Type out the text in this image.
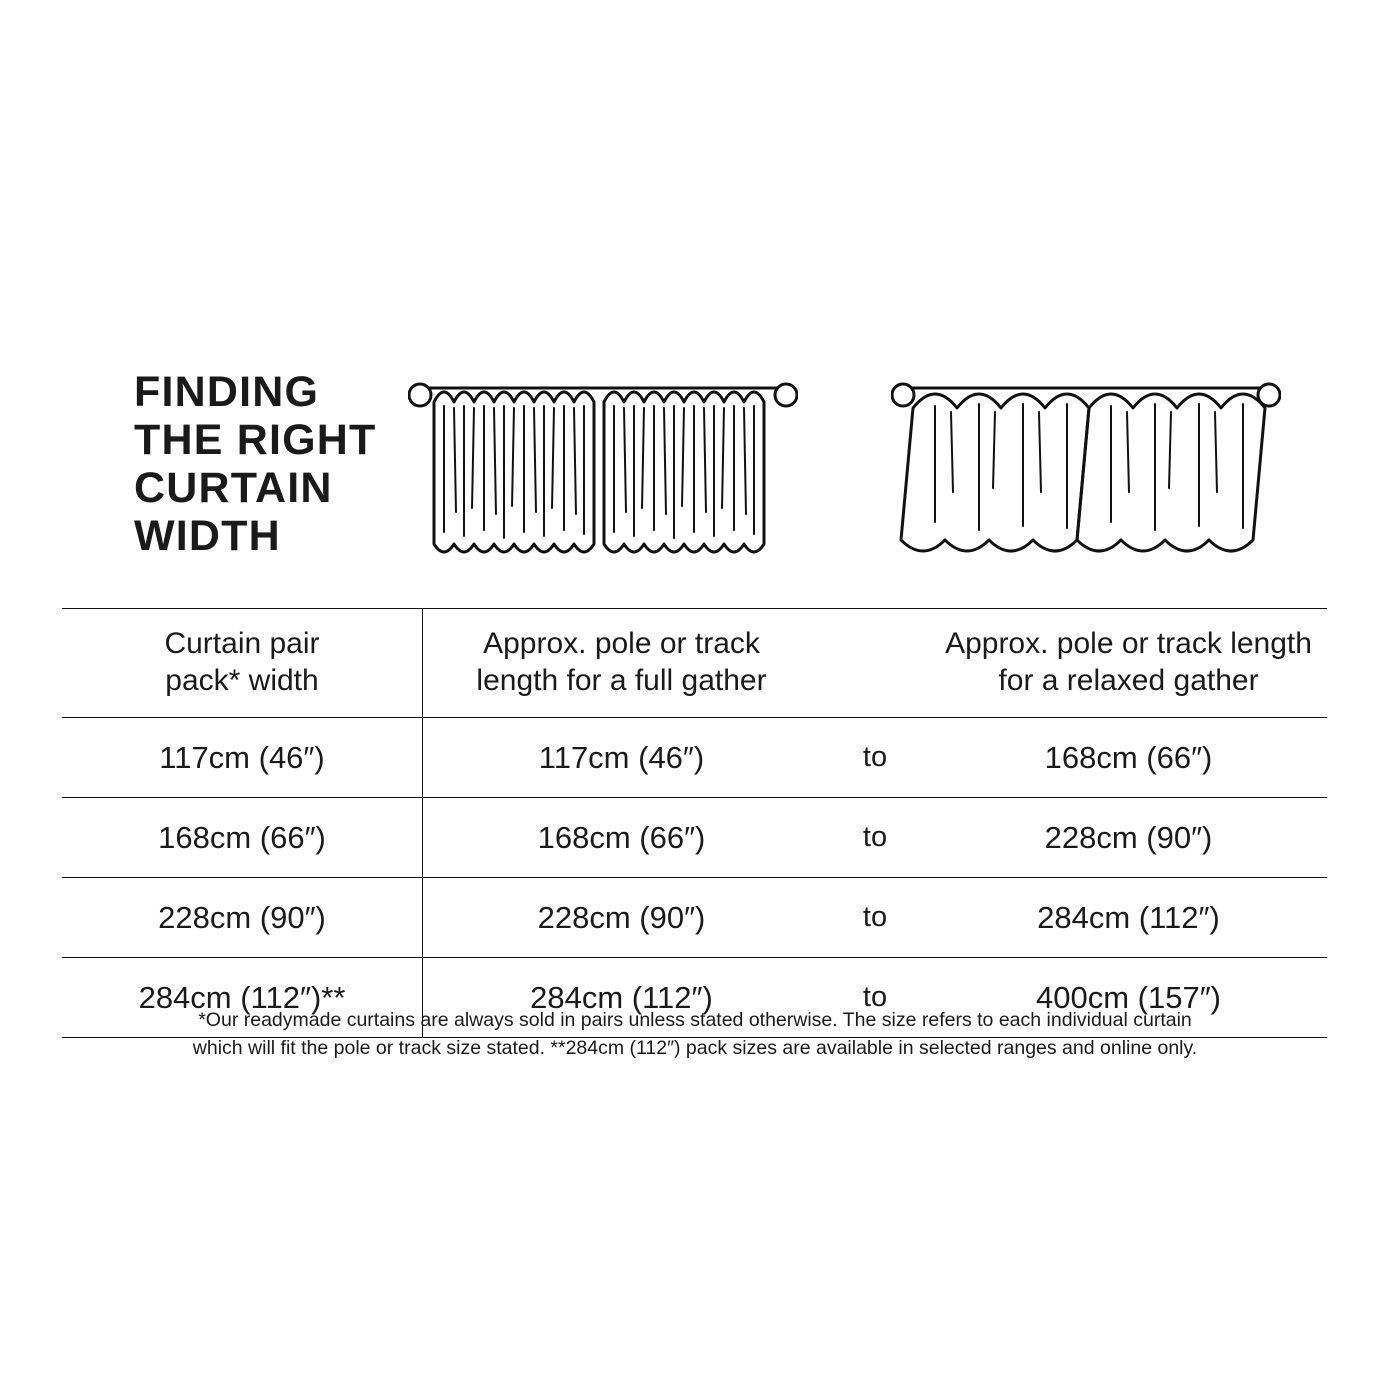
FINDING
THE RIGHT
CURTAIN
WIDTH
Curtain pair
pack* width
Approx. pole or track
length for a full gather
Approx. pole or track length
for a relaxed gather
117cm (46″)	117cm (46″)	to	168cm (66″)
168cm (66″)	168cm (66″)	to	228cm (90″)
228cm (90″)	228cm (90″)	to	284cm (112″)
284cm (112″)**	284cm (112″)	to	400cm (157″)
*Our readymade curtains are always sold in pairs unless stated otherwise. The size refers to each individual curtain
which will fit the pole or track size stated. **284cm (112″) pack sizes are available in selected ranges and online only.
